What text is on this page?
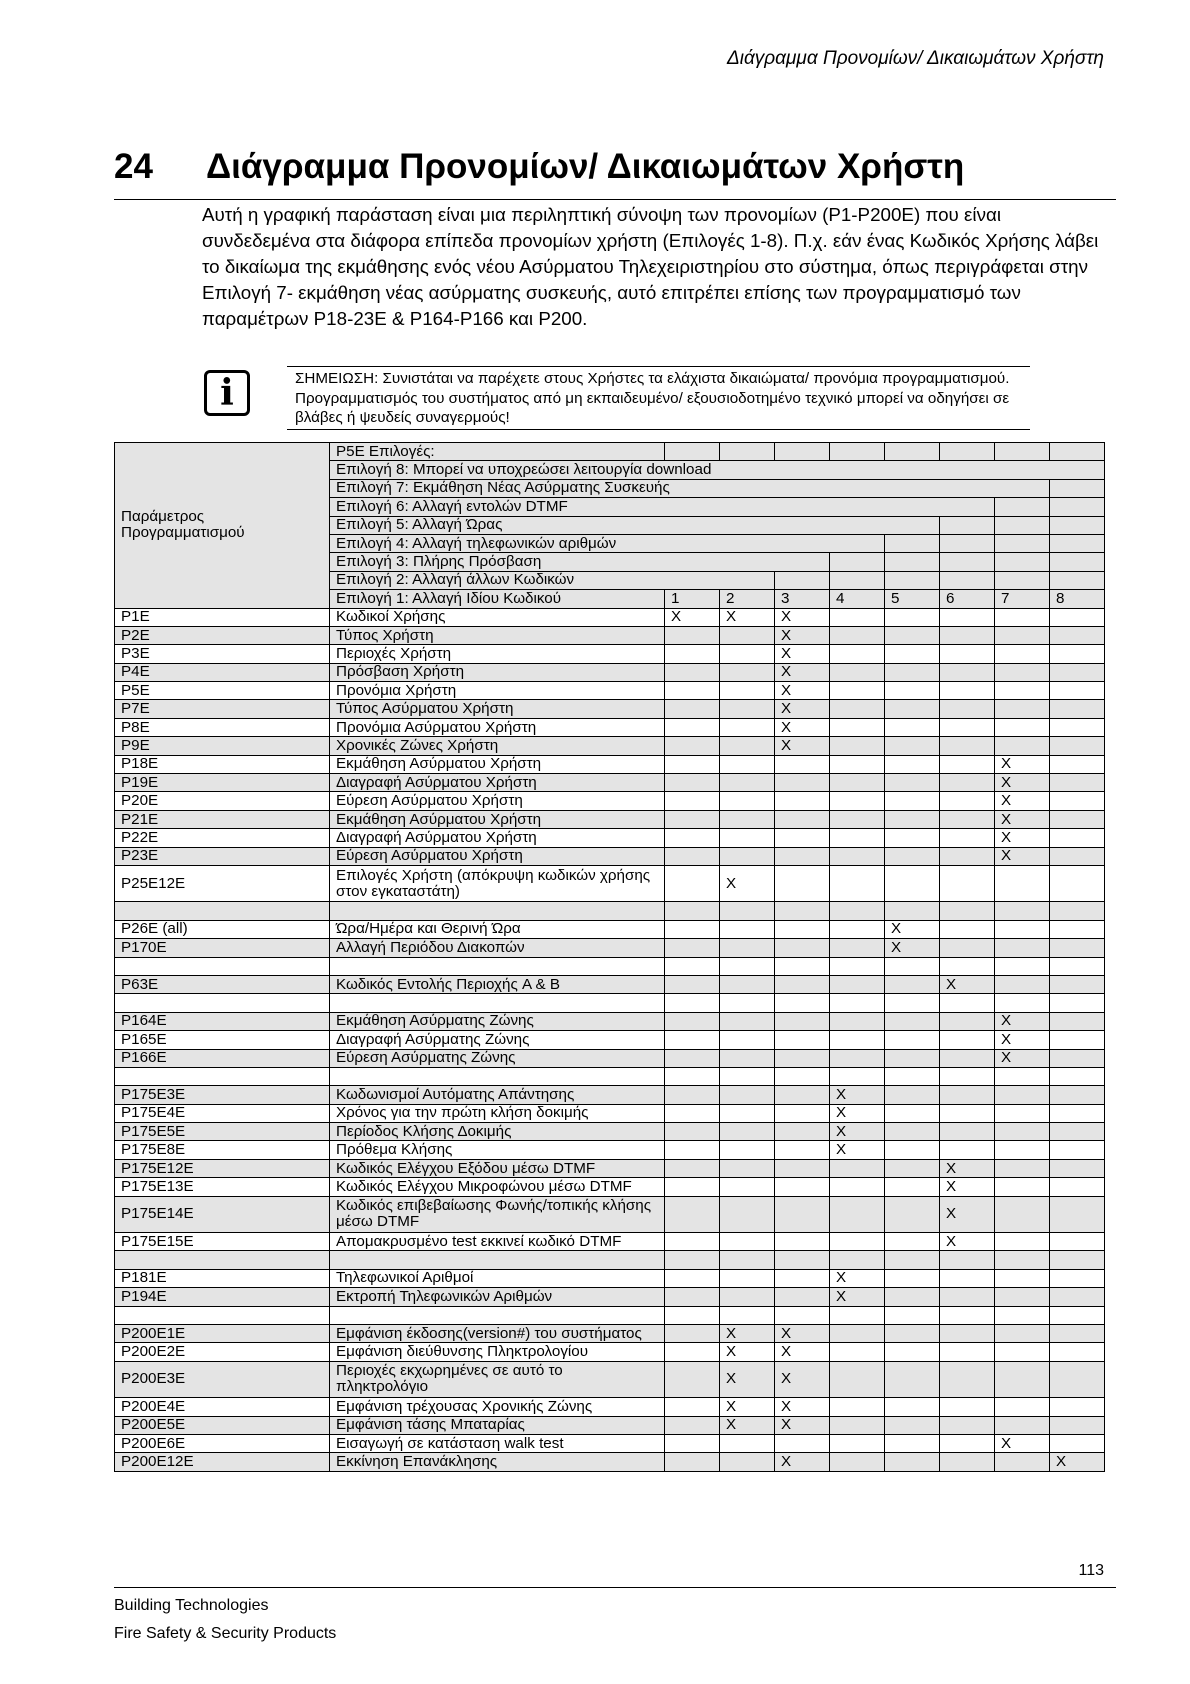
Διάγραμμα Προνομίων/ Δικαιωμάτων Χρήστη
24 Διάγραμμα Προνομίων/ Δικαιωμάτων Χρήστη

Αυτή η γραφική παράσταση είναι μια περιληπτική σύνοψη των προνομίων (P1-P200E) που είναι συνδεδεμένα στα διάφορα επίπεδα προνομίων χρήστη (Επιλογές 1-8). Π.χ. εάν ένας Κωδικός Χρήσης λάβει το δικαίωμα της εκμάθησης ενός νέου Ασύρματου Τηλεχειριστηρίου στο σύστημα, όπως περιγράφεται στην Επιλογή 7- εκμάθηση νέας ασύρματης συσκευής, αυτό επιτρέπει επίσης των προγραμματισμό των παραμέτρων P18-23E & P164-P166 και P200.

i	ΣΗΜΕΙΩΣΗ: Συνιστάται να παρέχετε στους Χρήστες τα ελάχιστα δικαιώματα/ προνόμια προγραμματισμού. Προγραμματισμός του συστήματος από μη εκπαιδευμένο/ εξουσιοδοτημένο τεχνικό μπορεί να οδηγήσει σε βλάβες ή ψευδείς συναγερμούς!
Παράμετρος Προγραμματισμού	P5E Επιλογές:								
	Επιλογή 8: Μπορεί να υποχρεώσει λειτουργία download								
	Επιλογή 7: Εκμάθηση Νέας Ασύρματης Συσκευής								
	Επιλογή 6: Αλλαγή εντολών DTMF								
	Επιλογή 5: Αλλαγή Ώρας								
	Επιλογή 4: Αλλαγή τηλεφωνικών αριθμών								
	Επιλογή 3: Πλήρης Πρόσβαση								
	Επιλογή 2: Αλλαγή άλλων Κωδικών								
	Επιλογή 1: Αλλαγή Ιδίου Κωδικού	1	2	3	4	5	6	7	8
P1E	Κωδικοί Χρήσης	X	X	X					
P2E	Τύπος Χρήστη			X					
P3E	Περιοχές Χρήστη			X					
P4E	Πρόσβαση Χρήστη			X					
P5E	Προνόμια Χρήστη			X					
P7E	Τύπος Ασύρματου Χρήστη			X					
P8E	Προνόμια Ασύρματου Χρήστη			X					
P9E	Χρονικές Ζώνες Χρήστη			X					
P18E	Εκμάθηση Ασύρματου Χρήστη							X	
P19E	Διαγραφή Ασύρματου Χρήστη							X	
P20E	Εύρεση Ασύρματου Χρήστη							X	
P21E	Εκμάθηση Ασύρματου Χρήστη							X	
P22E	Διαγραφή Ασύρματου Χρήστη							X	
P23E	Εύρεση Ασύρματου Χρήστη							X	
P25E12E	Επιλογές Χρήστη (απόκρυψη κωδικών χρήσης στον εγκαταστάτη)		X						

P26E (all)	Ώρα/Ημέρα και Θερινή Ώρα					X			
P170E	Αλλαγή Περιόδου Διακοπών					X			

P63E	Κωδικός Εντολής Περιοχής A & B						X		

P164E	Εκμάθηση Ασύρματης Ζώνης							X	
P165E	Διαγραφή Ασύρματης Ζώνης							X	
P166E	Εύρεση Ασύρματης Ζώνης							X	

P175E3E	Κωδωνισμοί Αυτόματης Απάντησης				X				
P175E4E	Χρόνος για την πρώτη κλήση δοκιμής				X				
P175E5E	Περίοδος Κλήσης Δοκιμής				X				
P175E8E	Πρόθεμα Κλήσης				X				
P175E12E	Κωδικός Ελέγχου Εξόδου μέσω DTMF						X		
P175E13E	Κωδικός Ελέγχου Μικροφώνου μέσω DTMF						X		
P175E14E	Κωδικός επιβεβαίωσης Φωνής/τοπικής κλήσης μέσω DTMF						X		
P175E15E	Απομακρυσμένο test εκκινεί κωδικό DTMF						X		

P181E	Τηλεφωνικοί Αριθμοί				X				
P194E	Εκτροπή Τηλεφωνικών Αριθμών				X				

P200E1E	Εμφάνιση έκδοσης(version#) του συστήματος		X	X					
P200E2E	Εμφάνιση διεύθυνσης Πληκτρολογίου		X	X					
P200E3E	Περιοχές εκχωρημένες σε αυτό το πληκτρολόγιο		X	X					
P200E4E	Εμφάνιση τρέχουσας Χρονικής Ζώνης		X	X					
P200E5E	Εμφάνιση τάσης Μπαταρίας		X	X					
P200E6E	Εισαγωγή σε κατάσταση walk test							X	
P200E12E	Εκκίνηση Επανάκλησης			X					X
113
Building Technologies
Fire Safety & Security Products
